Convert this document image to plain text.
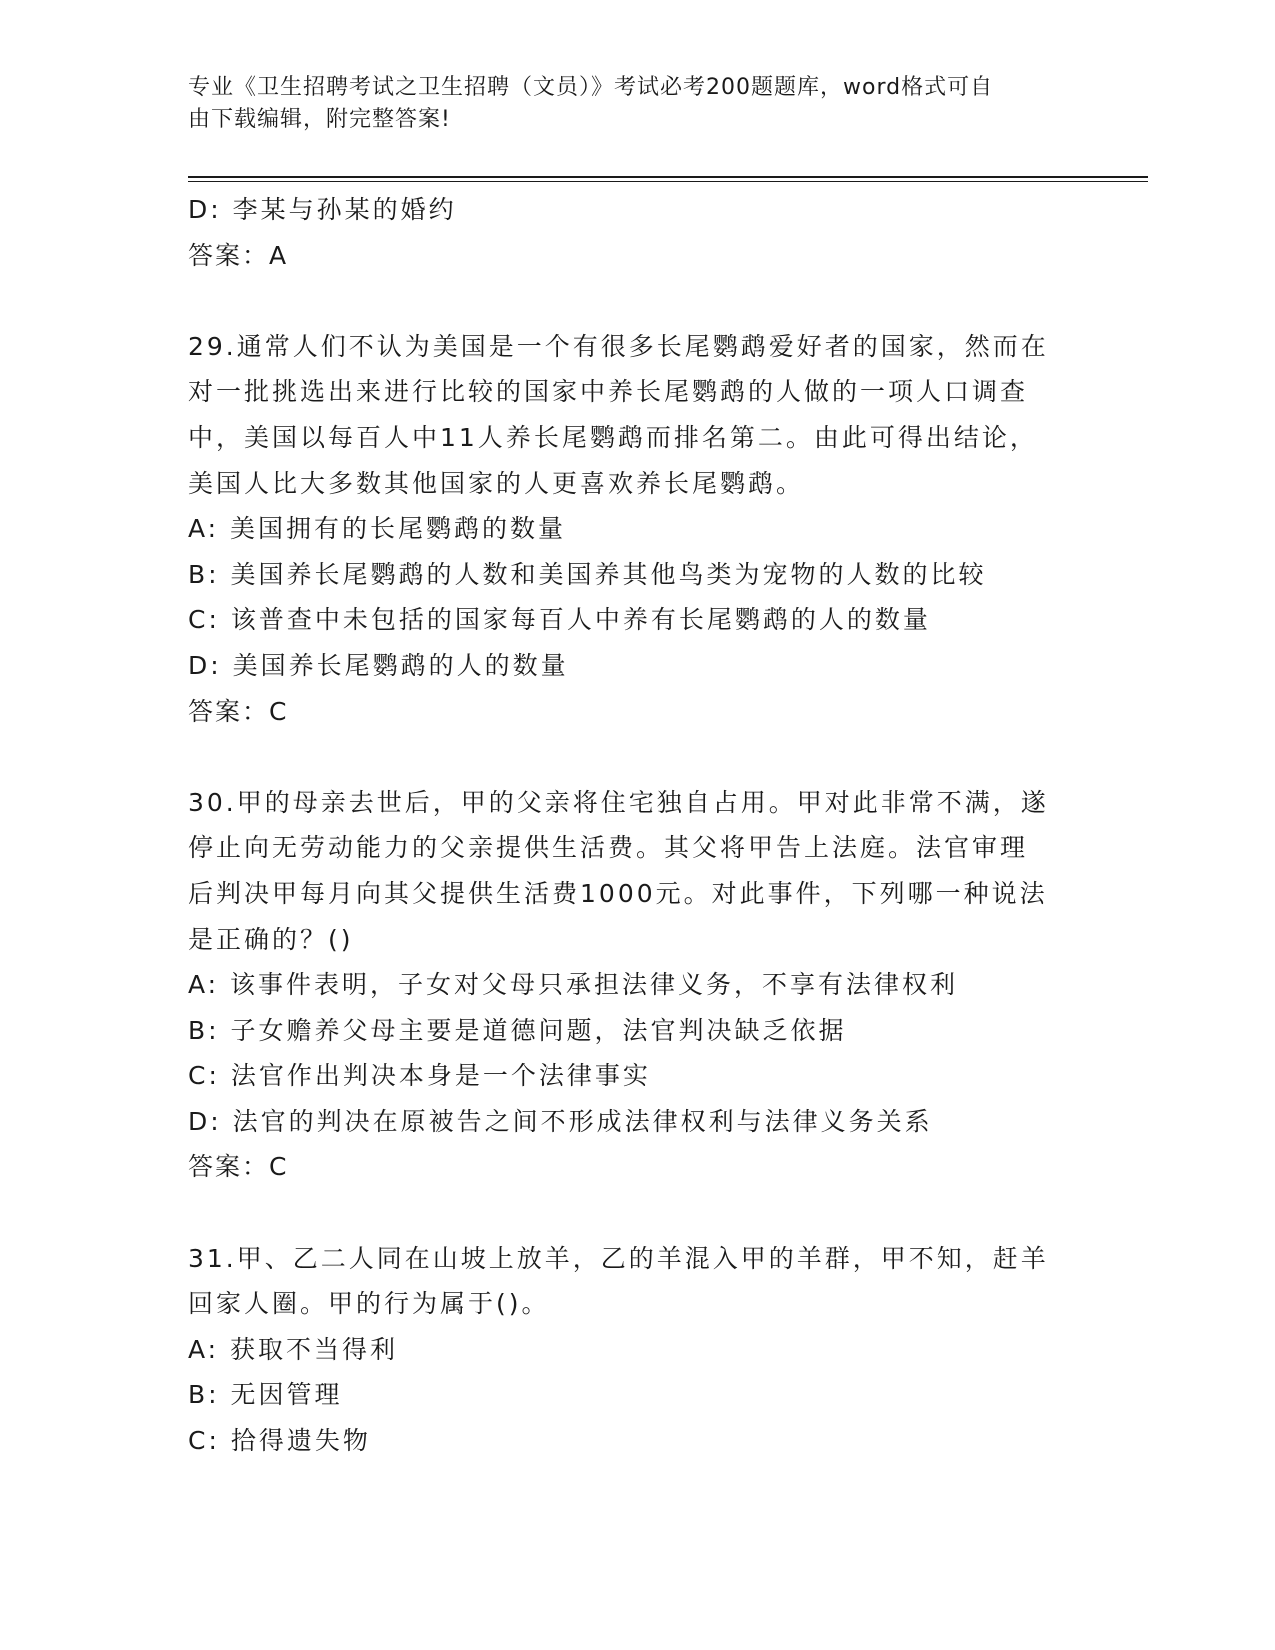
专业《卫生招聘考试之卫生招聘（文员）》考试必考200题题库，word格式可自
由下载编辑，附完整答案!
D: 李某与孙某的婚约
答案：A
29.通常人们不认为美国是一个有很多长尾鹦鹉爱好者的国家，然而在
对一批挑选出来进行比较的国家中养长尾鹦鹉的人做的一项人口调查
中，美国以每百人中11人养长尾鹦鹉而排名第二。由此可得出结论，
美国人比大多数其他国家的人更喜欢养长尾鹦鹉。
A: 美国拥有的长尾鹦鹉的数量
B: 美国养长尾鹦鹉的人数和美国养其他鸟类为宠物的人数的比较
C: 该普查中未包括的国家每百人中养有长尾鹦鹉的人的数量
D: 美国养长尾鹦鹉的人的数量
答案：C
30.甲的母亲去世后，甲的父亲将住宅独自占用。甲对此非常不满，遂
停止向无劳动能力的父亲提供生活费。其父将甲告上法庭。法官审理
后判决甲每月向其父提供生活费1000元。对此事件，下列哪一种说法
是正确的？()
A: 该事件表明，子女对父母只承担法律义务，不享有法律权利
B: 子女赡养父母主要是道德问题，法官判决缺乏依据
C: 法官作出判决本身是一个法律事实
D: 法官的判决在原被告之间不形成法律权利与法律义务关系
答案：C
31.甲、乙二人同在山坡上放羊，乙的羊混入甲的羊群，甲不知，赶羊
回家人圈。甲的行为属于()。
A: 获取不当得利
B: 无因管理
C: 拾得遗失物
